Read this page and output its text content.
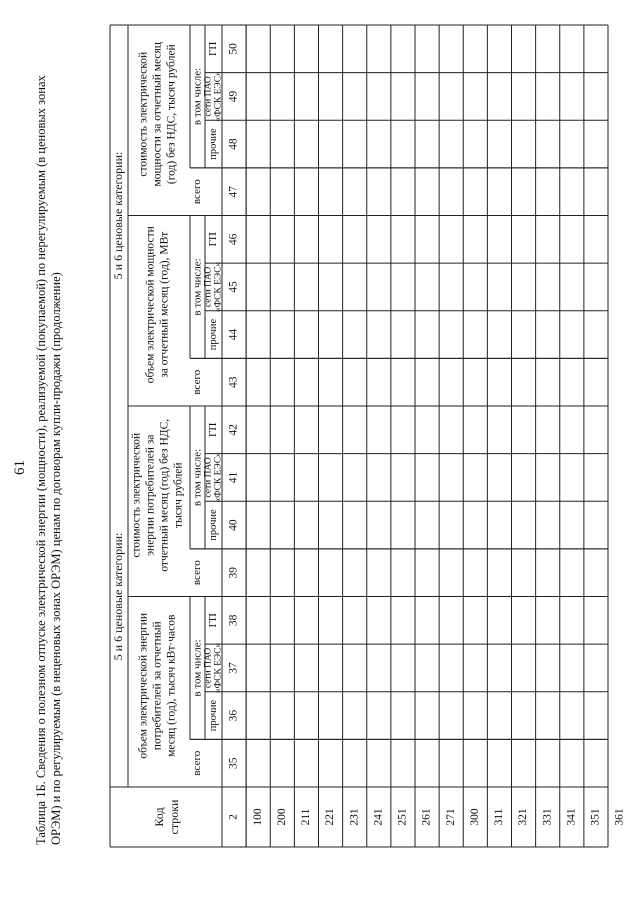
61 Таблица 1Б. Сведения о полезном отпуске электрической энергии (мощности), реализуемой (покупаемой) по нерегулируемым (в ценовых зонах ОРЭМ) и по регулируемым (в неценовых зонах ОРЭМ) ценам по договорам купли-продажи (продолжение)	Код строки
5 и 6 ценовые категории:
5 и 6 ценовые категории:
объем электрической энергии потребителей за отчетный месяц (год), тысяч кВт·часов в том числе:
всего
прочие
сети ПАО«ФСК ЕЭС»
ГП
35
36
37
38
стоимость электрической энергии потребителей за отчетный месяц (год) без НДС, тысяч рублей в том числе:
всего
прочие
сети ПАО«ФСК ЕЭС»
ГП
39
40
41
42
объем электрической мощности за отчетный месяц (год), МВт в том числе:
всего
прочие
сети ПАО«ФСК ЕЭС»
ГП
43
44
45
46
стоимость электрической мощности за отчетный месяц (год) без НДС, тысяч рублей в том числе:
всего
прочие
сети ПАО«ФСК ЕЭС»
ГП
47
48
49
50
2 100 200 211 221 231 241 251 261 271 300 311 321 331 341 351 361
